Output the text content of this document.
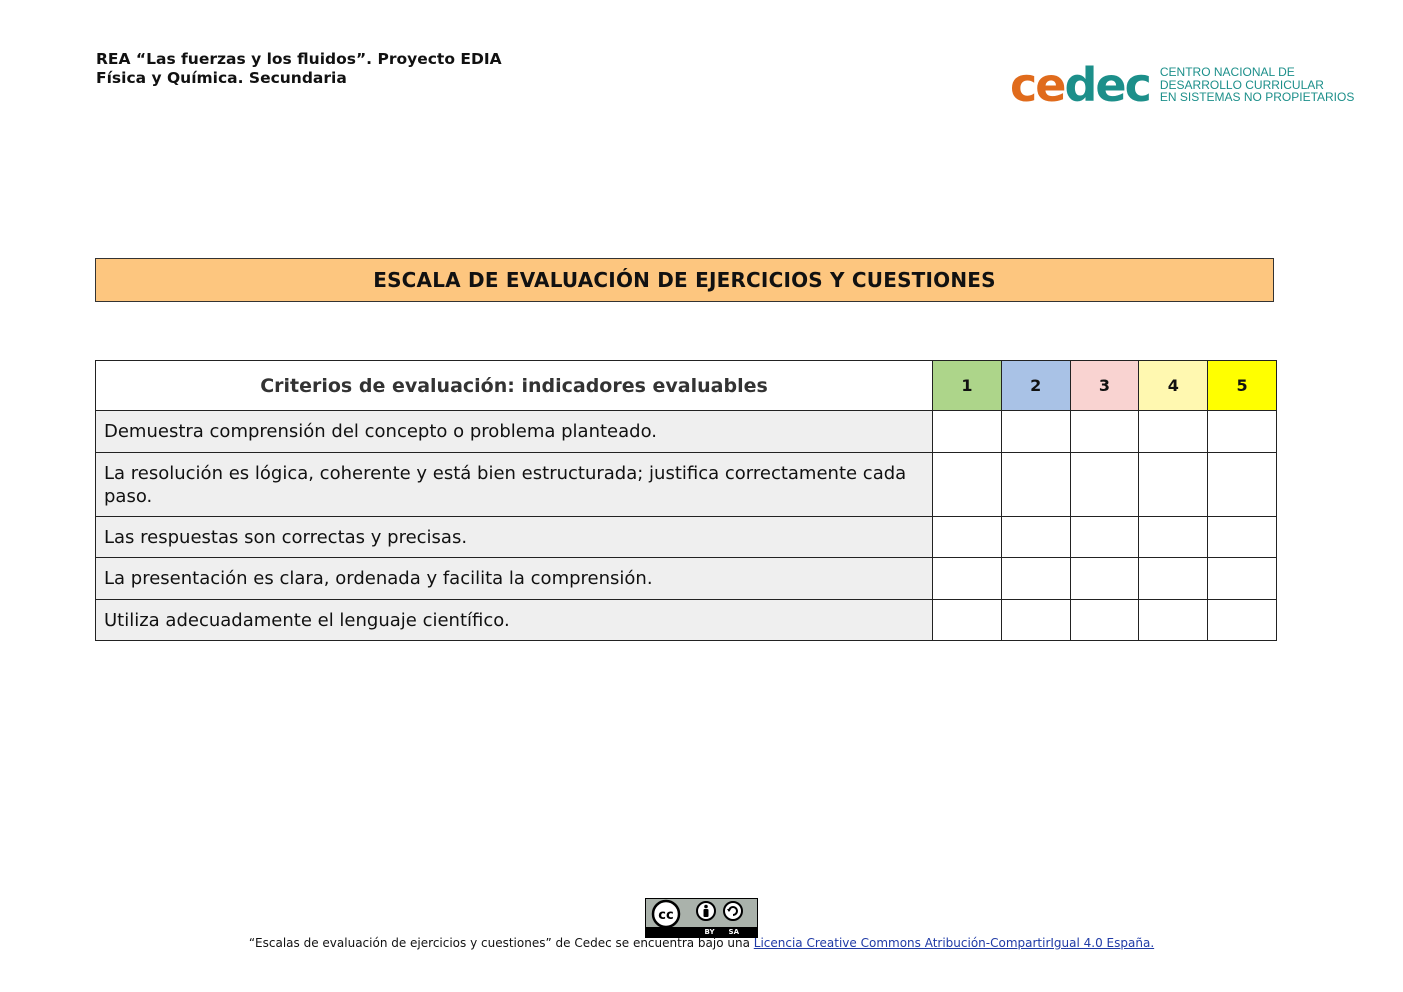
REA “Las fuerzas y los fluidos”. Proyecto EDIA
Física y Química. Secundaria	cedec CENTRO NACIONAL DE
DESARROLLO CURRICULAR
EN SISTEMAS NO PROPIETARIOS
ESCALA DE EVALUACIÓN DE EJERCICIOS Y CUESTIONES
Criterios de evaluación: indicadores evaluables	1	2	3	4	5
Demuestra comprensión del concepto o problema planteado.					
La resolución es lógica, coherente y está bien estructurada; justifica correctamente cada paso.					
Las respuestas son correctas y precisas.					
La presentación es clara, ordenada y facilita la comprensión.					
Utiliza adecuadamente el lenguaje científico.					
cc
BY SA
“Escalas de evaluación de ejercicios y cuestiones” de Cedec se encuentra bajo una Licencia Creative Commons Atribución-CompartirIgual 4.0 España.
